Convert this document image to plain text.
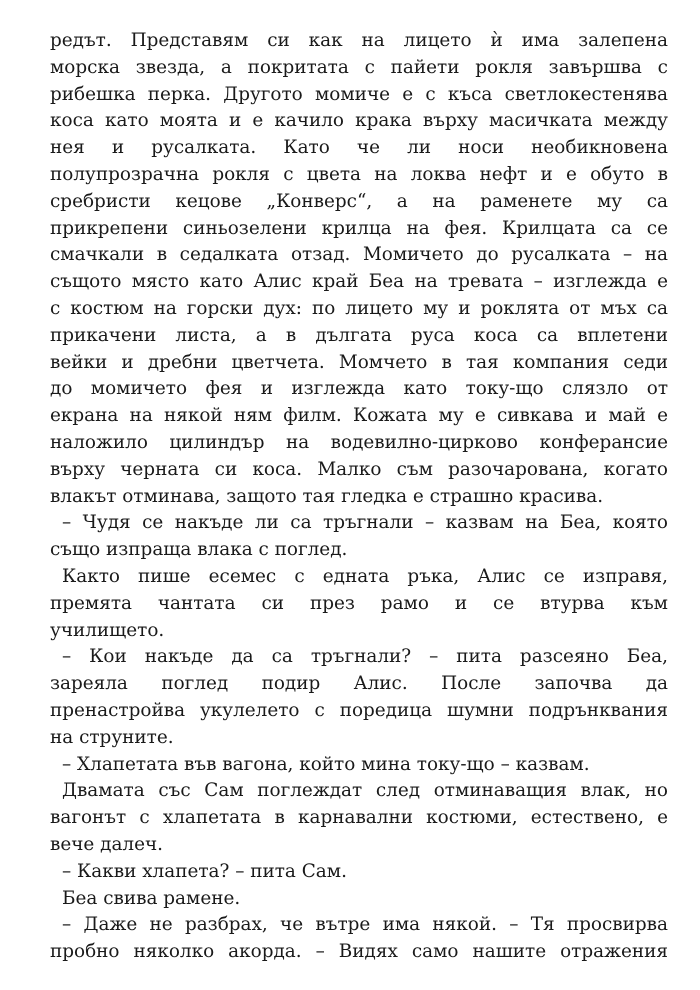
редът. Представям си как на лицето ѝ има залепена
морска звезда, а покритата с пайети рокля завършва с
рибешка перка. Другото момиче е с къса светлокестенява
коса като моята и е качило крака върху масичката между
нея и русалката. Като че ли носи необикновена
полупрозрачна рокля с цвета на локва нефт и е обуто в
сребристи кецове „Конверс“, а на раменете му са
прикрепени синьозелени крилца на фея. Крилцата са се
смачкали в седалката отзад. Момичето до русалката – на
същото място като Алис край Беа на тревата – изглежда е
с костюм на горски дух: по лицето му и роклята от мъх са
прикачени листа, а в дългата руса коса са вплетени
вейки и дребни цветчета. Момчето в тая компания седи
до момичето фея и изглежда като току-що слязло от
екрана на някой ням филм. Кожата му е сивкава и май е
наложило цилиндър на водевилно-цирково конферансие
върху черната си коса. Малко съм разочарована, когато
влакът отминава, защото тая гледка е страшно красива.
– Чудя се накъде ли са тръгнали – казвам на Беа, която
също изпраща влака с поглед.
Както пише есемес с едната ръка, Алис се изправя,
премята чантата си през рамо и се втурва към
училището.
– Кои накъде да са тръгнали? – пита разсеяно Беа,
зареяла поглед подир Алис. После започва да
пренастройва укулелето с поредица шумни подрънквания
на струните.
– Хлапетата във вагона, който мина току-що – казвам.
Двамата със Сам поглеждат след отминаващия влак, но
вагонът с хлапетата в карнавални костюми, естествено, е
вече далеч.
– Какви хлапета? – пита Сам.
Беа свива рамене.
– Даже не разбрах, че вътре има някой. – Тя просвирва
пробно няколко акорда. – Видях само нашите отражения
